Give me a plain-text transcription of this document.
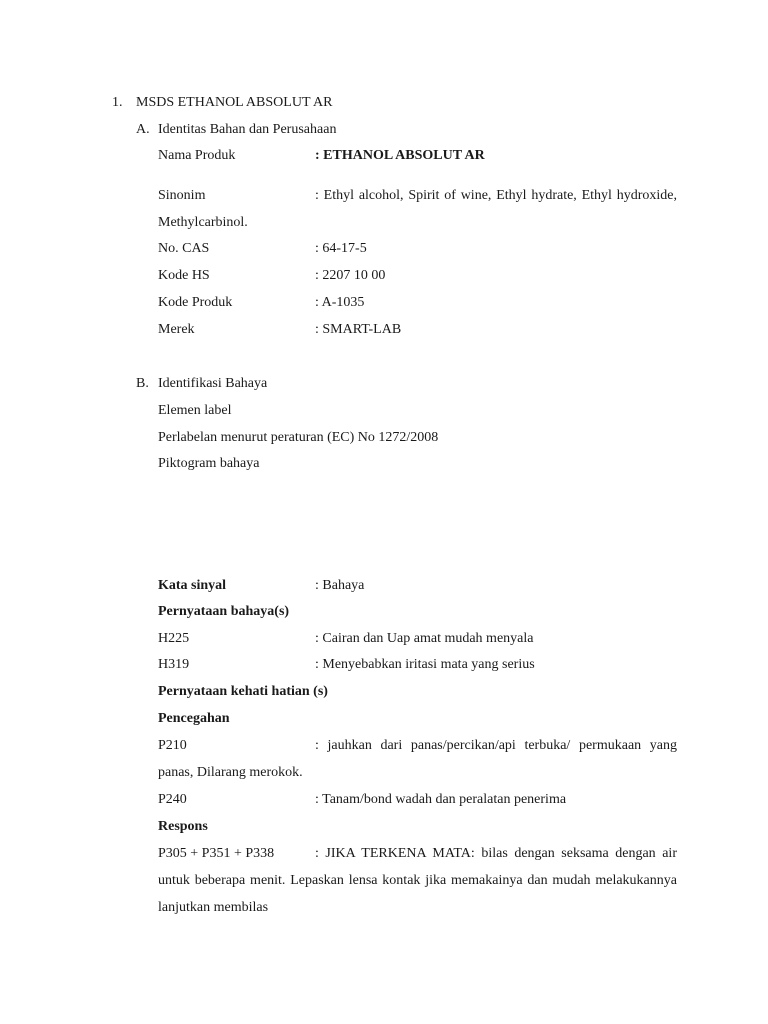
1. MSDS ETHANOL ABSOLUT AR
A. Identitas Bahan dan Perusahaan
Nama Produk	: ETHANOL ABSOLUT AR
Sinonim	: Ethyl alcohol, Spirit of wine, Ethyl hydrate, Ethyl hydroxide, Methylcarbinol.
No. CAS	: 64-17-5
Kode HS	: 2207 10 00
Kode Produk	: A-1035
Merek	: SMART-LAB
B. Identifikasi Bahaya
Elemen label
Perlabelan menurut peraturan (EC) No 1272/2008
Piktogram bahaya
Kata sinyal	: Bahaya
Pernyataan bahaya(s)
H225	: Cairan dan Uap amat mudah menyala
H319	: Menyebabkan iritasi mata yang serius
Pernyataan kehati hatian (s)
Pencegahan
P210	: jauhkan dari panas/percikan/api terbuka/ permukaan yang panas, Dilarang merokok.
P240	: Tanam/bond wadah dan peralatan penerima
Respons
P305 + P351 + P338	: JIKA TERKENA MATA: bilas dengan seksama dengan air untuk beberapa menit. Lepaskan lensa kontak jika memakainya dan mudah melakukannya lanjutkan membilas
